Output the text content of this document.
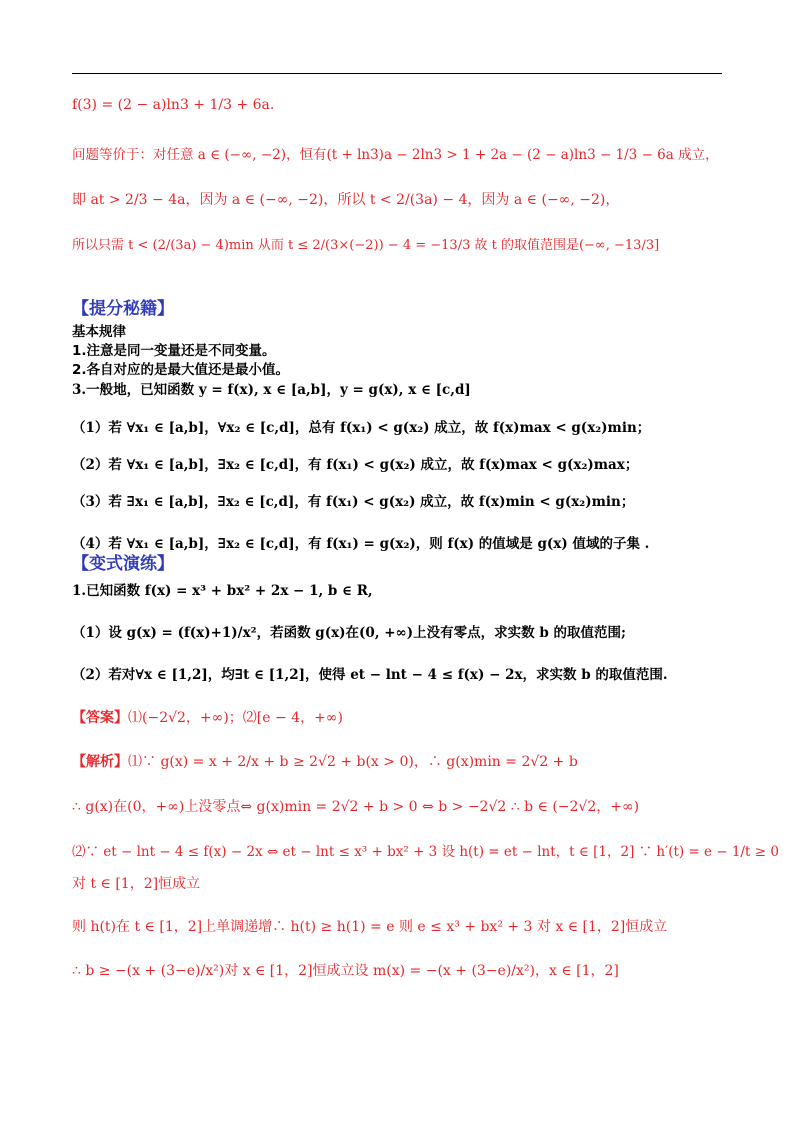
f(3) = (2 − a)ln3 + 1/3 + 6a.
问题等价于：对任意 a ∈ (−∞, −2)，恒有(t + ln3)a − 2ln3 > 1 + 2a − (2 − a)ln3 − 1/3 − 6a 成立，
即 at > 2/3 − 4a，因为 a ∈ (−∞, −2)，所以 t < 2/(3a) − 4，因为 a ∈ (−∞, −2)，
所以只需 t < (2/(3a) − 4)min 从而 t ≤ 2/(3×(−2)) − 4 = −13/3 故 t 的取值范围是(−∞, −13/3]
【提分秘籍】
基本规律
1.注意是同一变量还是不同变量。
2.各自对应的是最大值还是最小值。
3.一般地，已知函数 y = f(x), x ∈ [a,b]，y = g(x), x ∈ [c,d]
（1）若 ∀x₁ ∈ [a,b]，∀x₂ ∈ [c,d]，总有 f(x₁) < g(x₂) 成立，故 f(x)max < g(x₂)min；
（2）若 ∀x₁ ∈ [a,b]，∃x₂ ∈ [c,d]，有 f(x₁) < g(x₂) 成立，故 f(x)max < g(x₂)max；
（3）若 ∃x₁ ∈ [a,b]，∃x₂ ∈ [c,d]，有 f(x₁) < g(x₂) 成立，故 f(x)min < g(x₂)min；
（4）若 ∀x₁ ∈ [a,b]，∃x₂ ∈ [c,d]，有 f(x₁) = g(x₂)，则 f(x) 的值域是 g(x) 值域的子集 .
【变式演练】
1.已知函数 f(x) = x³ + bx² + 2x − 1, b ∈ R,
（1）设 g(x) = (f(x)+1)/x²，若函数 g(x)在(0, +∞)上没有零点，求实数 b 的取值范围;
（2）若对∀x ∈ [1,2]，均∃t ∈ [1,2]，使得 et − lnt − 4 ≤ f(x) − 2x，求实数 b 的取值范围.
【答案】⑴(−2√2，+∞)；⑵[e − 4，+∞)
【解析】⑴∵ g(x) = x + 2/x + b ≥ 2√2 + b(x > 0)，∴ g(x)min = 2√2 + b
∴ g(x)在(0，+∞)上没零点⇔ g(x)min = 2√2 + b > 0 ⇔ b > −2√2 ∴ b ∈ (−2√2，+∞)
⑵∵ et − lnt − 4 ≤ f(x) − 2x ⇔ et − lnt ≤ x³ + bx² + 3 设 h(t) = et − lnt，t ∈ [1，2] ∵ h′(t) = e − 1/t ≥ 0
对 t ∈ [1，2]恒成立
则 h(t)在 t ∈ [1，2]上单调递增∴ h(t) ≥ h(1) = e 则 e ≤ x³ + bx² + 3 对 x ∈ [1，2]恒成立
∴ b ≥ −(x + (3−e)/x²)对 x ∈ [1，2]恒成立设 m(x) = −(x + (3−e)/x²)，x ∈ [1，2]
